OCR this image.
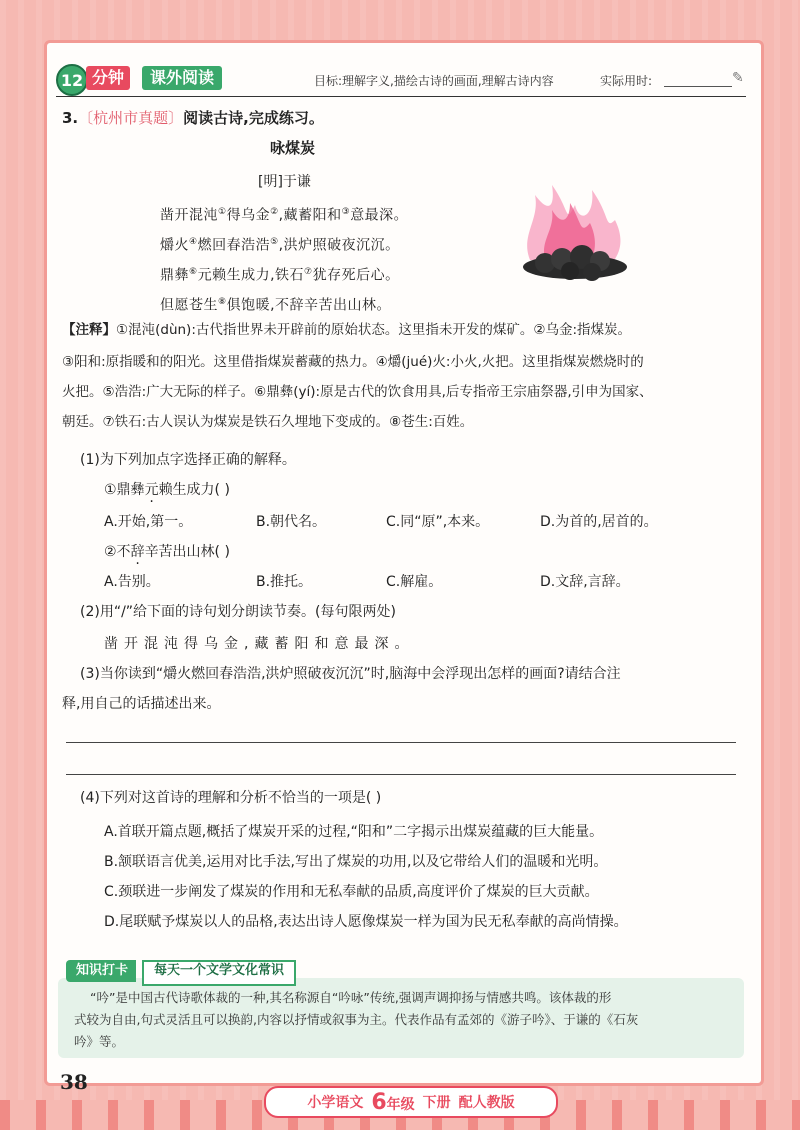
12 分钟	课外阅读	目标:理解字义,描绘古诗的画面,理解古诗内容	实际用时:	✎
3.〔杭州市真题〕阅读古诗,完成练习。
咏煤炭
[明]于谦
凿开混沌①得乌金②,藏蓄阳和③意最深。
爝火④燃回春浩浩⑤,洪炉照破夜沉沉。
鼎彝⑥元赖生成力,铁石⑦犹存死后心。
但愿苍生⑧俱饱暖,不辞辛苦出山林。
【注释】①混沌(dùn):古代指世界未开辟前的原始状态。这里指未开发的煤矿。②乌金:指煤炭。
③阳和:原指暖和的阳光。这里借指煤炭蓄藏的热力。④爝(jué)火:小火,火把。这里指煤炭燃烧时的
火把。⑤浩浩:广大无际的样子。⑥鼎彝(yí):原是古代的饮食用具,后专指帝王宗庙祭器,引申为国家、
朝廷。⑦铁石:古人误认为煤炭是铁石久埋地下变成的。⑧苍生:百姓。
(1)为下列加点字选择正确的解释。
①鼎彝元赖生成力( )
A.开始,第一。	B.朝代名。	C.同“原”,本来。	D.为首的,居首的。
②不辞辛苦出山林( )
A.告别。	B.推托。	C.解雇。	D.文辞,言辞。
(2)用“/”给下面的诗句划分朗读节奏。(每句限两处)
凿开混沌得乌金,藏蓄阳和意最深。
(3)当你读到“爝火燃回春浩浩,洪炉照破夜沉沉”时,脑海中会浮现出怎样的画面?请结合注
释,用自己的话描述出来。
(4)下列对这首诗的理解和分析不恰当的一项是( )
A.首联开篇点题,概括了煤炭开采的过程,“阳和”二字揭示出煤炭蕴藏的巨大能量。
B.颔联语言优美,运用对比手法,写出了煤炭的功用,以及它带给人们的温暖和光明。
C.颈联进一步阐发了煤炭的作用和无私奉献的品质,高度评价了煤炭的巨大贡献。
D.尾联赋予煤炭以人的品格,表达出诗人愿像煤炭一样为国为民无私奉献的高尚情操。
知识打卡	每天一个文学文化常识
“吟”是中国古代诗歌体裁的一种,其名称源自“吟咏”传统,强调声调抑扬与情感共鸣。该体裁的形
式较为自由,句式灵活且可以换韵,内容以抒情或叙事为主。代表作品有孟郊的《游子吟》、于谦的《石灰
吟》等。
38
小学语文 6年级 下册 配人教版
